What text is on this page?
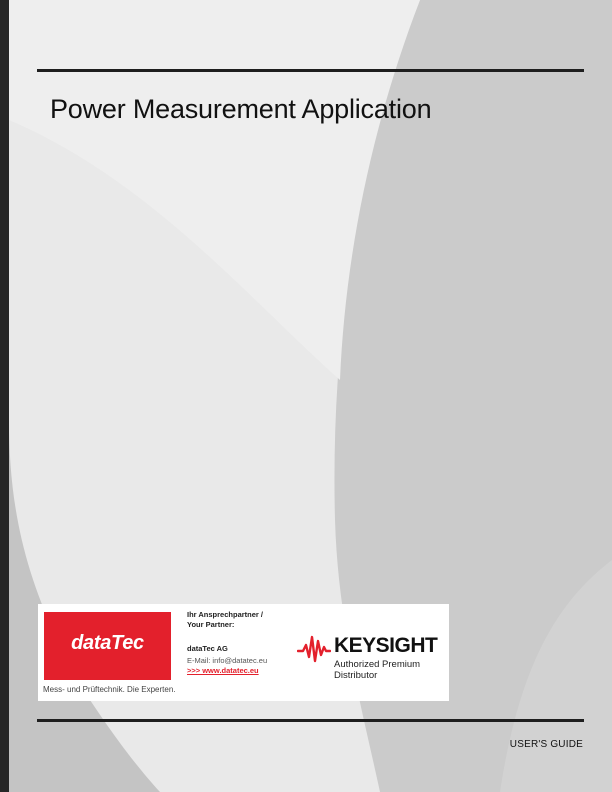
Power Measurement Application
dataTec
Mess- und Prüftechnik. Die Experten.
Ihr Ansprechpartner /
Your Partner:
dataTec AG
E-Mail: info@datatec.eu
>>> www.datatec.eu
KEYSIGHT
Authorized Premium
Distributor
USER'S GUIDE
